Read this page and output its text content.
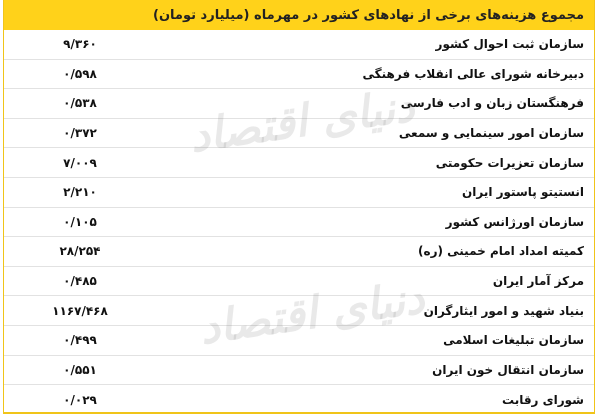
مجموع هزینه‌های برخی از نهادهای کشور در مهرماه (میلیارد تومان)
۹/۳۶۰	سازمان ثبت احوال کشور
۰/۵۹۸	دبیرخانه شورای عالی انقلاب فرهنگی
۰/۵۳۸	فرهنگستان زبان و ادب فارسی
۰/۳۷۲	سازمان امور سینمایی و سمعی
۷/۰۰۹	سازمان تعزیرات حکومتی
۲/۲۱۰	انستیتو پاستور ایران
۰/۱۰۵	سازمان اورژانس کشور
۲۸/۲۵۴	کمیته امداد امام خمینی (ره)
۰/۴۸۵	مرکز آمار ایران
۱۱۶۷/۴۶۸	بنیاد شهید و امور ایثارگران
۰/۴۹۹	سازمان تبلیغات اسلامی
۰/۵۵۱	سازمان انتقال خون ایران
۰/۰۲۹	شورای رقابت
دنیای اقتصاد
دنیای اقتصاد
